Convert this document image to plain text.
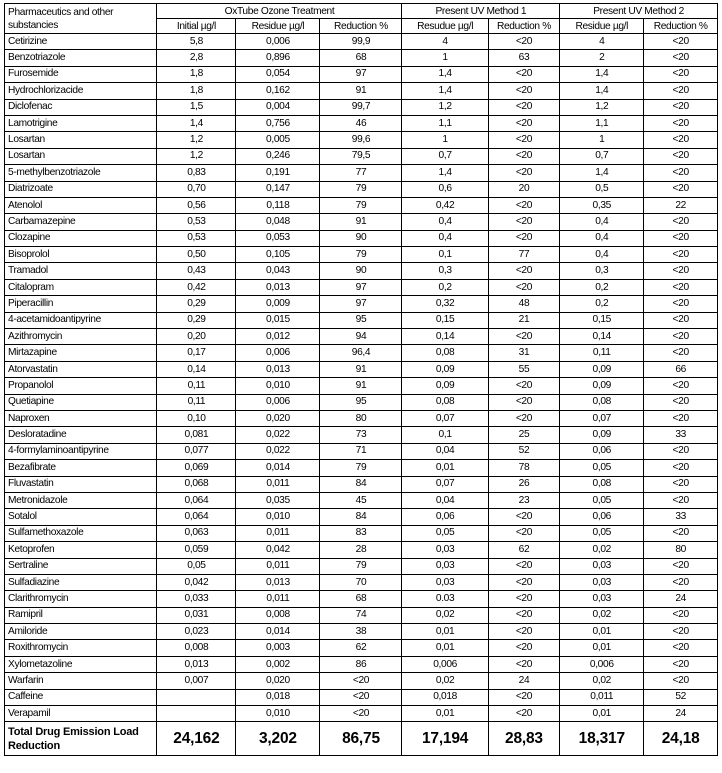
Pharmaceutics and other substancies	OxTube Ozone Treatment			Present UV Method 1		Present UV Method 2	
	Initial µg/l	Residue µg/l	Reduction %	Resudue µg/l	Reduction %	Residue µg/l	Reduction %
Cetirizine	5,8	0,006	99,9	4	<20	4	<20
Benzotriazole	2,8	0,896	68	1	63	2	<20
Furosemide	1,8	0,054	97	1,4	<20	1,4	<20
Hydrochlorizacide	1,8	0,162	91	1,4	<20	1,4	<20
Diclofenac	1,5	0,004	99,7	1,2	<20	1,2	<20
Lamotrigine	1,4	0,756	46	1,1	<20	1,1	<20
Losartan	1,2	0,005	99,6	1	<20	1	<20
Losartan	1,2	0,246	79,5	0,7	<20	0,7	<20
5-methylbenzotriazole	0,83	0,191	77	1,4	<20	1,4	<20
Diatrizoate	0,70	0,147	79	0,6	20	0,5	<20
Atenolol	0,56	0,118	79	0,42	<20	0,35	22
Carbamazepine	0,53	0,048	91	0,4	<20	0,4	<20
Clozapine	0,53	0,053	90	0,4	<20	0,4	<20
Bisoprolol	0,50	0,105	79	0,1	77	0,4	<20
Tramadol	0,43	0,043	90	0,3	<20	0,3	<20
Citalopram	0,42	0,013	97	0,2	<20	0,2	<20
Piperacillin	0,29	0,009	97	0,32	48	0,2	<20
4-acetamidoantipyrine	0,29	0,015	95	0,15	21	0,15	<20
Azithromycin	0,20	0,012	94	0,14	<20	0,14	<20
Mirtazapine	0,17	0,006	96,4	0,08	31	0,11	<20
Atorvastatin	0,14	0,013	91	0,09	55	0,09	66
Propanolol	0,11	0,010	91	0,09	<20	0,09	<20
Quetiapine	0,11	0,006	95	0,08	<20	0,08	<20
Naproxen	0,10	0,020	80	0,07	<20	0,07	<20
Desloratadine	0,081	0,022	73	0,1	25	0,09	33
4-formylaminoantipyrine	0,077	0,022	71	0,04	52	0,06	<20
Bezafibrate	0,069	0,014	79	0,01	78	0,05	<20
Fluvastatin	0,068	0,011	84	0,07	26	0,08	<20
Metronidazole	0,064	0,035	45	0,04	23	0,05	<20
Sotalol	0,064	0,010	84	0,06	<20	0,06	33
Sulfamethoxazole	0,063	0,011	83	0,05	<20	0,05	<20
Ketoprofen	0,059	0,042	28	0,03	62	0,02	80
Sertraline	0,05	0,011	79	0,03	<20	0,03	<20
Sulfadiazine	0,042	0,013	70	0,03	<20	0,03	<20
Clarithromycin	0,033	0,011	68	0.03	<20	0,03	24
Ramipril	0,031	0,008	74	0,02	<20	0,02	<20
Amiloride	0,023	0,014	38	0,01	<20	0,01	<20
Roxithromycin	0,008	0,003	62	0,01	<20	0,01	<20
Xylometazoline	0,013	0,002	86	0,006	<20	0,006	<20
Warfarin	0,007	0,020	<20	0,02	24	0,02	<20
Caffeine		0,018	<20	0,018	<20	0,011	52
Verapamil		0,010	<20	0,01	<20	0,01	24
Total Drug Emission Load Reduction	24,162	3,202	86,75	17,194	28,83	18,317	24,18
